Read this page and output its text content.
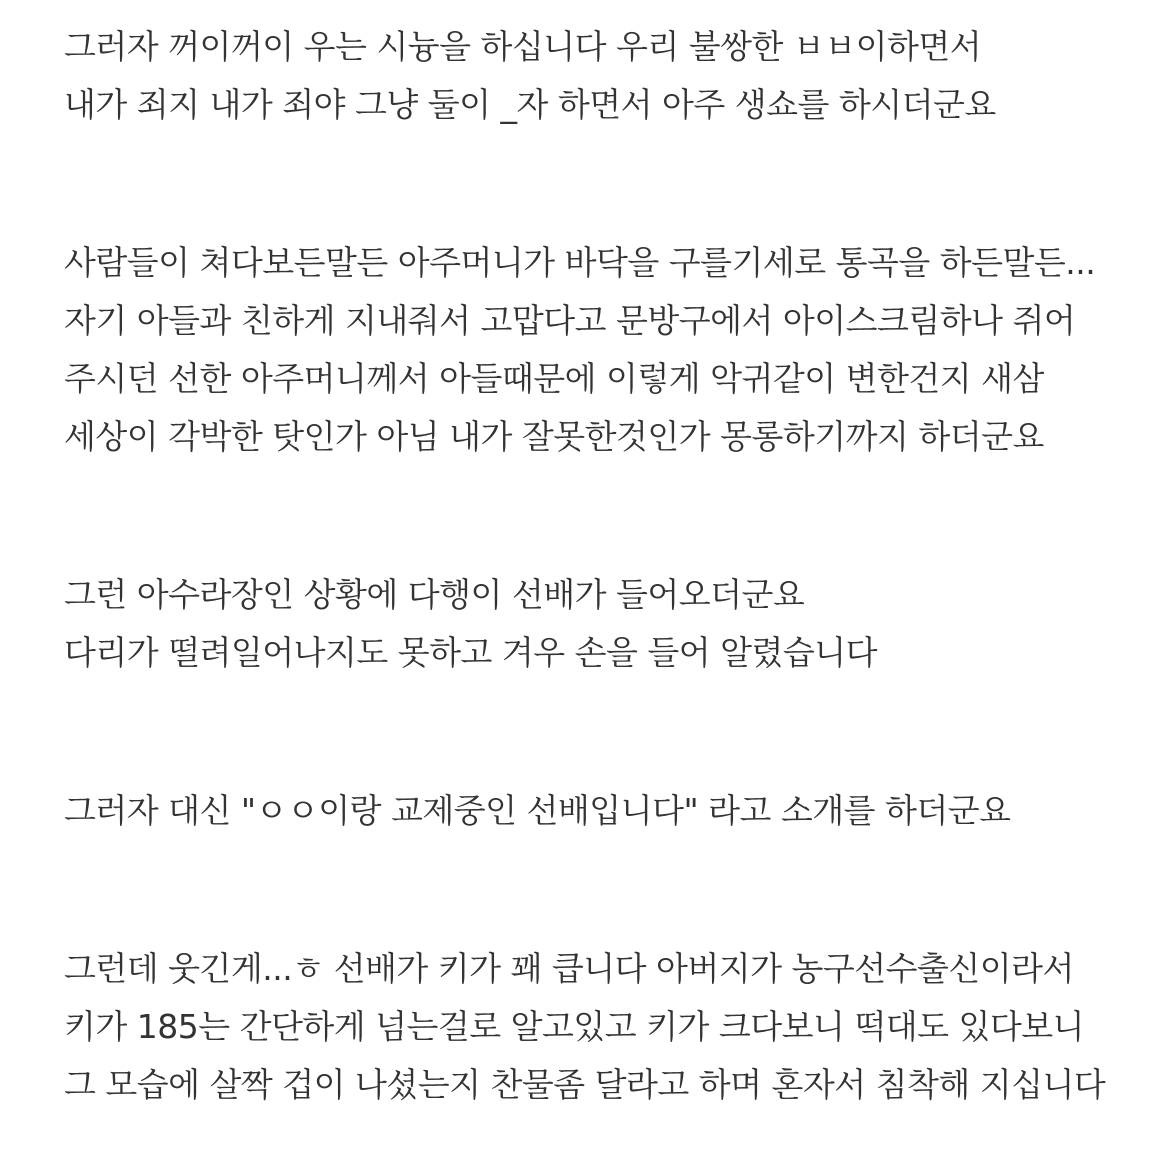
그러자 꺼이꺼이 우는 시늉을 하십니다 우리 불쌍한 ㅂㅂ이하면서
내가 죄지 내가 죄야 그냥 둘이 _자 하면서 아주 생쇼를 하시더군요
사람들이 쳐다보든말든 아주머니가 바닥을 구를기세로 통곡을 하든말든...
자기 아들과 친하게 지내줘서 고맙다고 문방구에서 아이스크림하나 쥐어
주시던 선한 아주머니께서 아들때문에 이렇게 악귀같이 변한건지 새삼
세상이 각박한 탓인가 아님 내가 잘못한것인가 몽롱하기까지 하더군요
그런 아수라장인 상황에 다행이 선배가 들어오더군요
다리가 떨려일어나지도 못하고 겨우 손을 들어 알렸습니다
그러자 대신 "ㅇㅇ이랑 교제중인 선배입니다" 라고 소개를 하더군요
그런데 웃긴게...ㅎ 선배가 키가 꽤 큽니다 아버지가 농구선수출신이라서
키가 185는 간단하게 넘는걸로 알고있고 키가 크다보니 떡대도 있다보니
그 모습에 살짝 겁이 나셨는지 찬물좀 달라고 하며 혼자서 침착해 지십니다
